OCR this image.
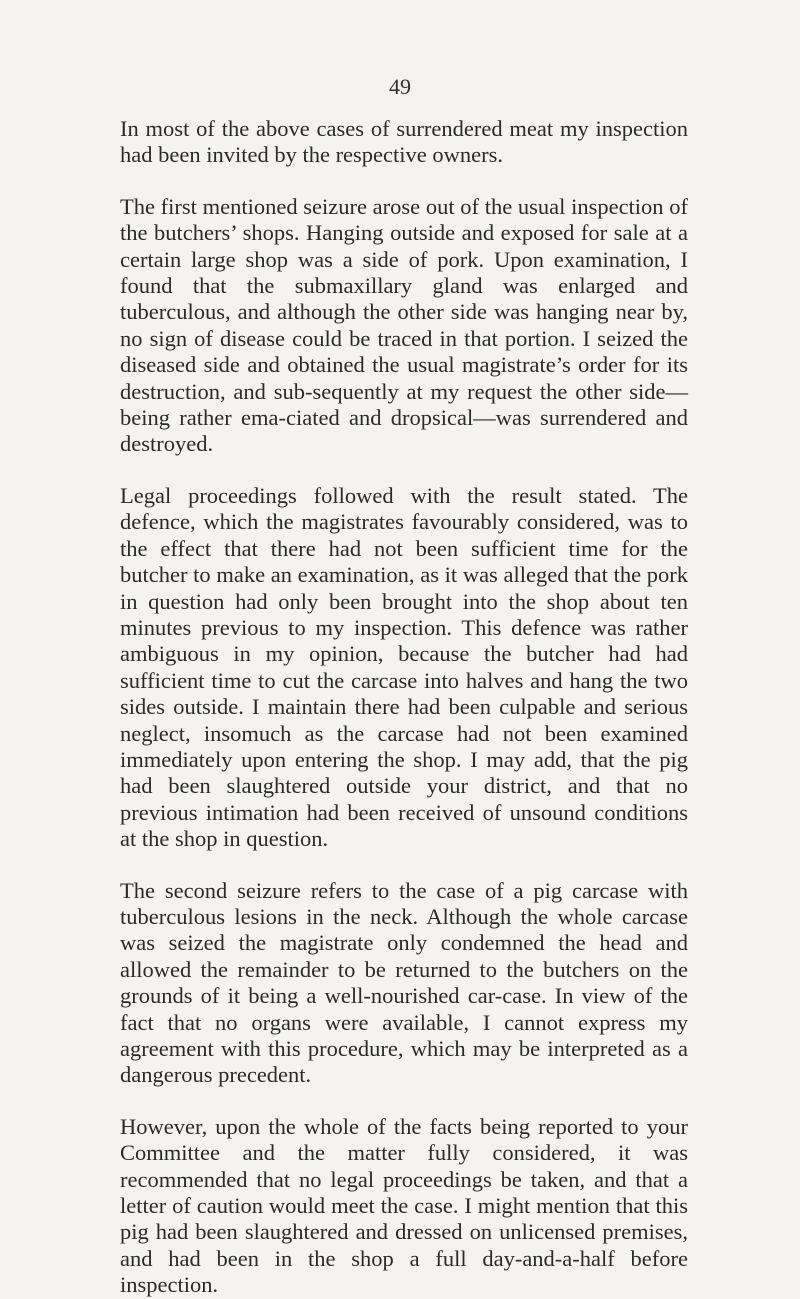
49

In most of the above cases of surrendered meat my inspection had been invited by the respective owners.

The first mentioned seizure arose out of the usual inspection of the butchers’ shops. Hanging outside and exposed for sale at a certain large shop was a side of pork. Upon examination, I found that the submaxillary gland was enlarged and tuberculous, and although the other side was hanging near by, no sign of disease could be traced in that portion. I seized the diseased side and obtained the usual magistrate’s order for its destruction, and sub-sequently at my request the other side—being rather ema-ciated and dropsical—was surrendered and destroyed.

Legal proceedings followed with the result stated. The defence, which the magistrates favourably considered, was to the effect that there had not been sufficient time for the butcher to make an examination, as it was alleged that the pork in question had only been brought into the shop about ten minutes previous to my inspection. This defence was rather ambiguous in my opinion, because the butcher had had sufficient time to cut the carcase into halves and hang the two sides outside. I maintain there had been culpable and serious neglect, insomuch as the carcase had not been examined immediately upon entering the shop. I may add, that the pig had been slaughtered outside your district, and that no previous intimation had been received of unsound conditions at the shop in question.

The second seizure refers to the case of a pig carcase with tuberculous lesions in the neck. Although the whole carcase was seized the magistrate only condemned the head and allowed the remainder to be returned to the butchers on the grounds of it being a well-nourished car-case. In view of the fact that no organs were available, I cannot express my agreement with this procedure, which may be interpreted as a dangerous precedent.

However, upon the whole of the facts being reported to your Committee and the matter fully considered, it was recommended that no legal proceedings be taken, and that a letter of caution would meet the case. I might mention that this pig had been slaughtered and dressed on unlicensed premises, and had been in the shop a full day-and-a-half before inspection.
